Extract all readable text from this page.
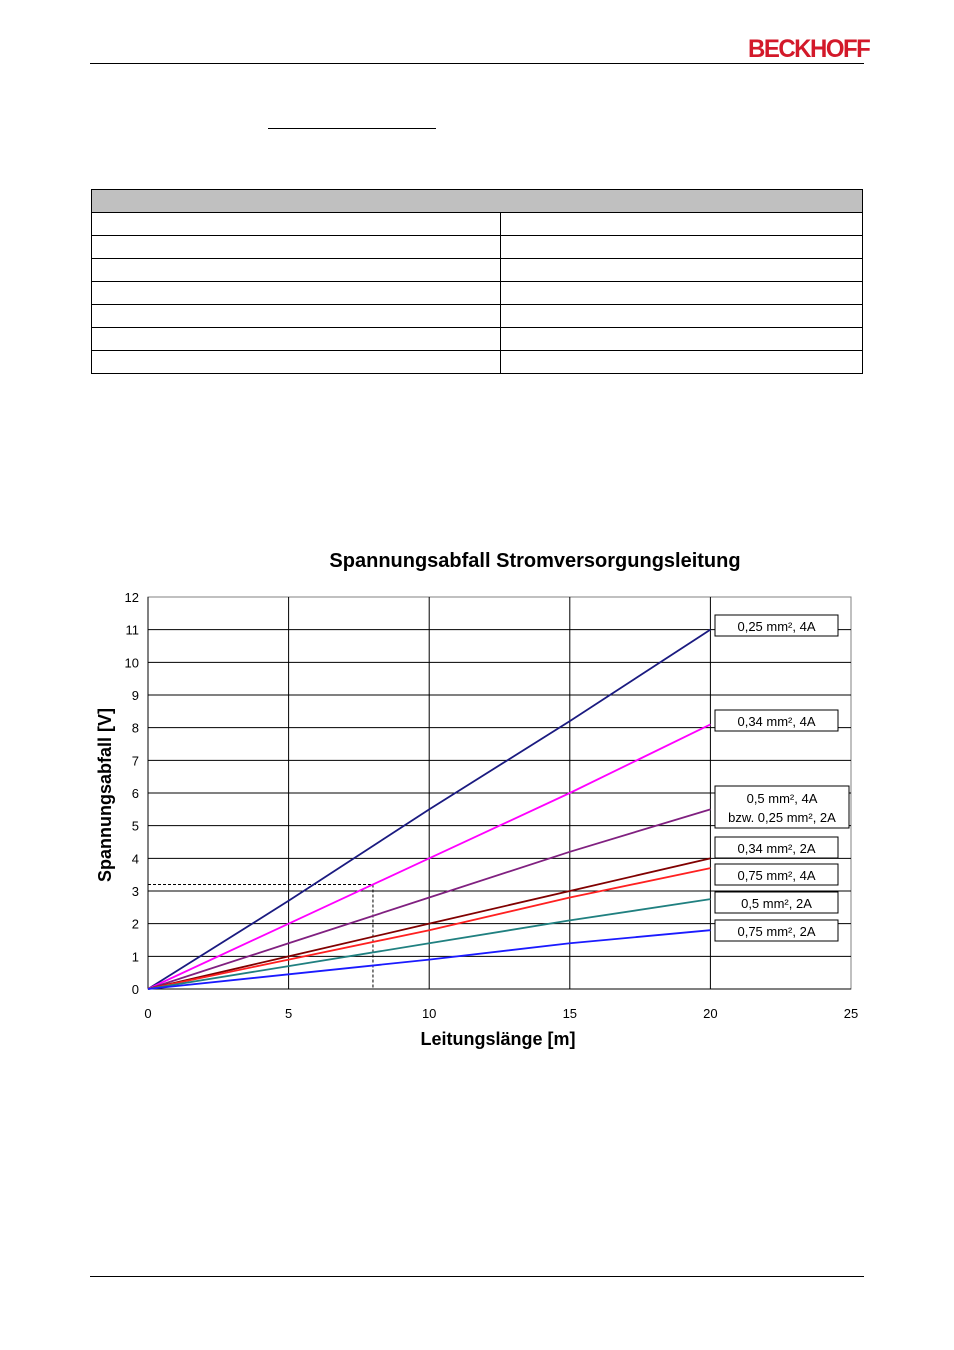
BECKHOFF

Spannungsabfall Stromversorgungsleitung
Leitungslänge [m]
Spannungsabfall [V]
0
1
2
3
4
5
6
7
8
9
10
11
12
0	5	10	15	20	25
0,25 mm², 4A
0,34 mm², 4A
0,5 mm², 4A
bzw. 0,25 mm², 2A
0,34 mm², 2A
0,75 mm², 4A
0,5 mm², 2A
0,75 mm², 2A
